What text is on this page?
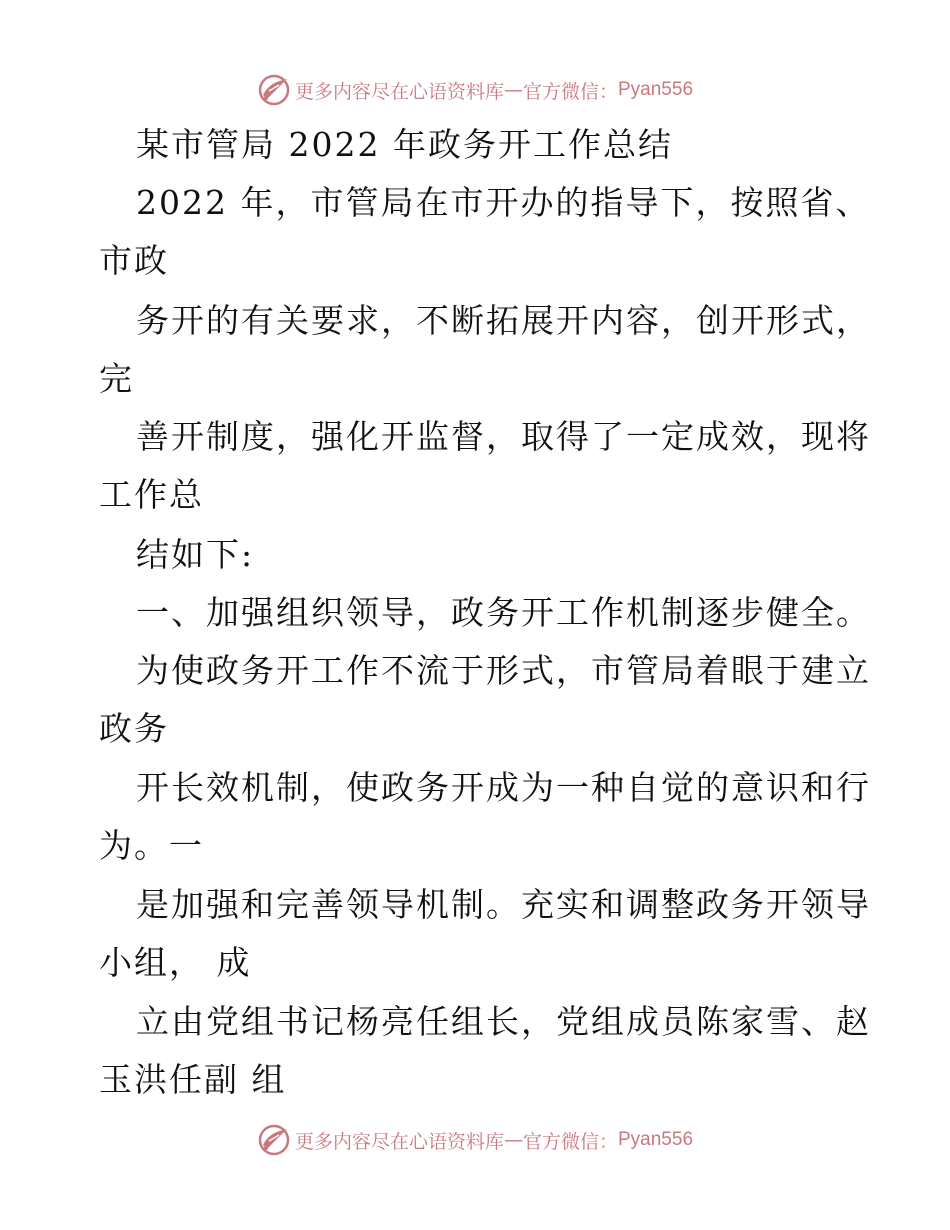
更多内容尽在心语资料库 — 官方微信： Pyan556
某市管局 2022 年政务开工作总结
2022 年，市管局在市开办的指导下，按照省、
市政
务开的有关要求，不断拓展开内容，创开形式，
完
善开制度，强化开监督，取得了一定成效，现将
工作总
结如下:
一、加强组织领导，政务开工作机制逐步健全。
为使政务开工作不流于形式，市管局着眼于建立
政务
开长效机制，使政务开成为一种自觉的意识和行
为。一
是加强和完善领导机制。充实和调整政务开领导
小组， 成
立由党组书记杨亮任组长，党组成员陈家雪、赵
玉洪任副 组
更多内容尽在心语资料库 — 官方微信： Pyan556
